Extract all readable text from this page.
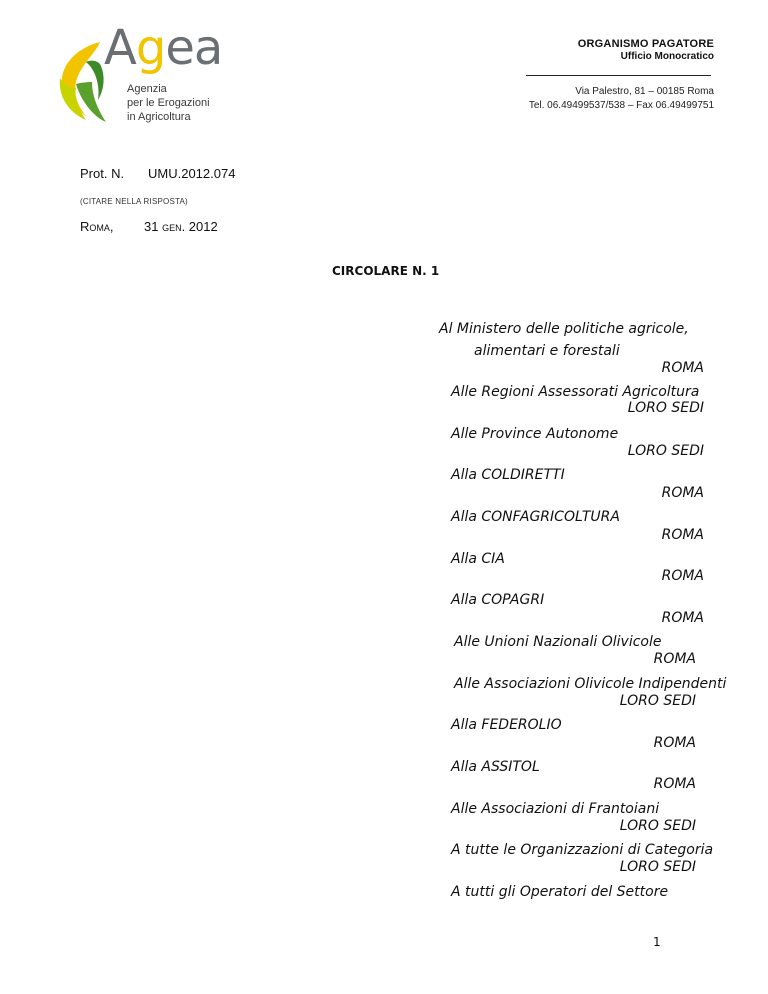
Agea
Agenzia
per le Erogazioni
in Agricoltura
ORGANISMO PAGATORE
Ufficio Monocratico
Via Palestro, 81 – 00185 Roma
Tel. 06.49499537/538 – Fax 06.49499751
Prot. N. UMU.2012.074
(CITARE NELLA RISPOSTA)
Roma, 31 gen. 2012
CIRCOLARE N. 1
Al Ministero delle politiche agricole,
alimentari e forestali
ROMA
Alle Regioni Assessorati Agricoltura
LORO SEDI
Alle Province Autonome
LORO SEDI
Alla COLDIRETTI
ROMA
Alla CONFAGRICOLTURA
ROMA
Alla CIA
ROMA
Alla COPAGRI
ROMA
Alle Unioni Nazionali Olivicole
ROMA
Alle Associazioni Olivicole Indipendenti
LORO SEDI
Alla FEDEROLIO
ROMA
Alla ASSITOL
ROMA
Alle Associazioni di Frantoiani
LORO SEDI
A tutte le Organizzazioni di Categoria
LORO SEDI
A tutti gli Operatori del Settore
1
